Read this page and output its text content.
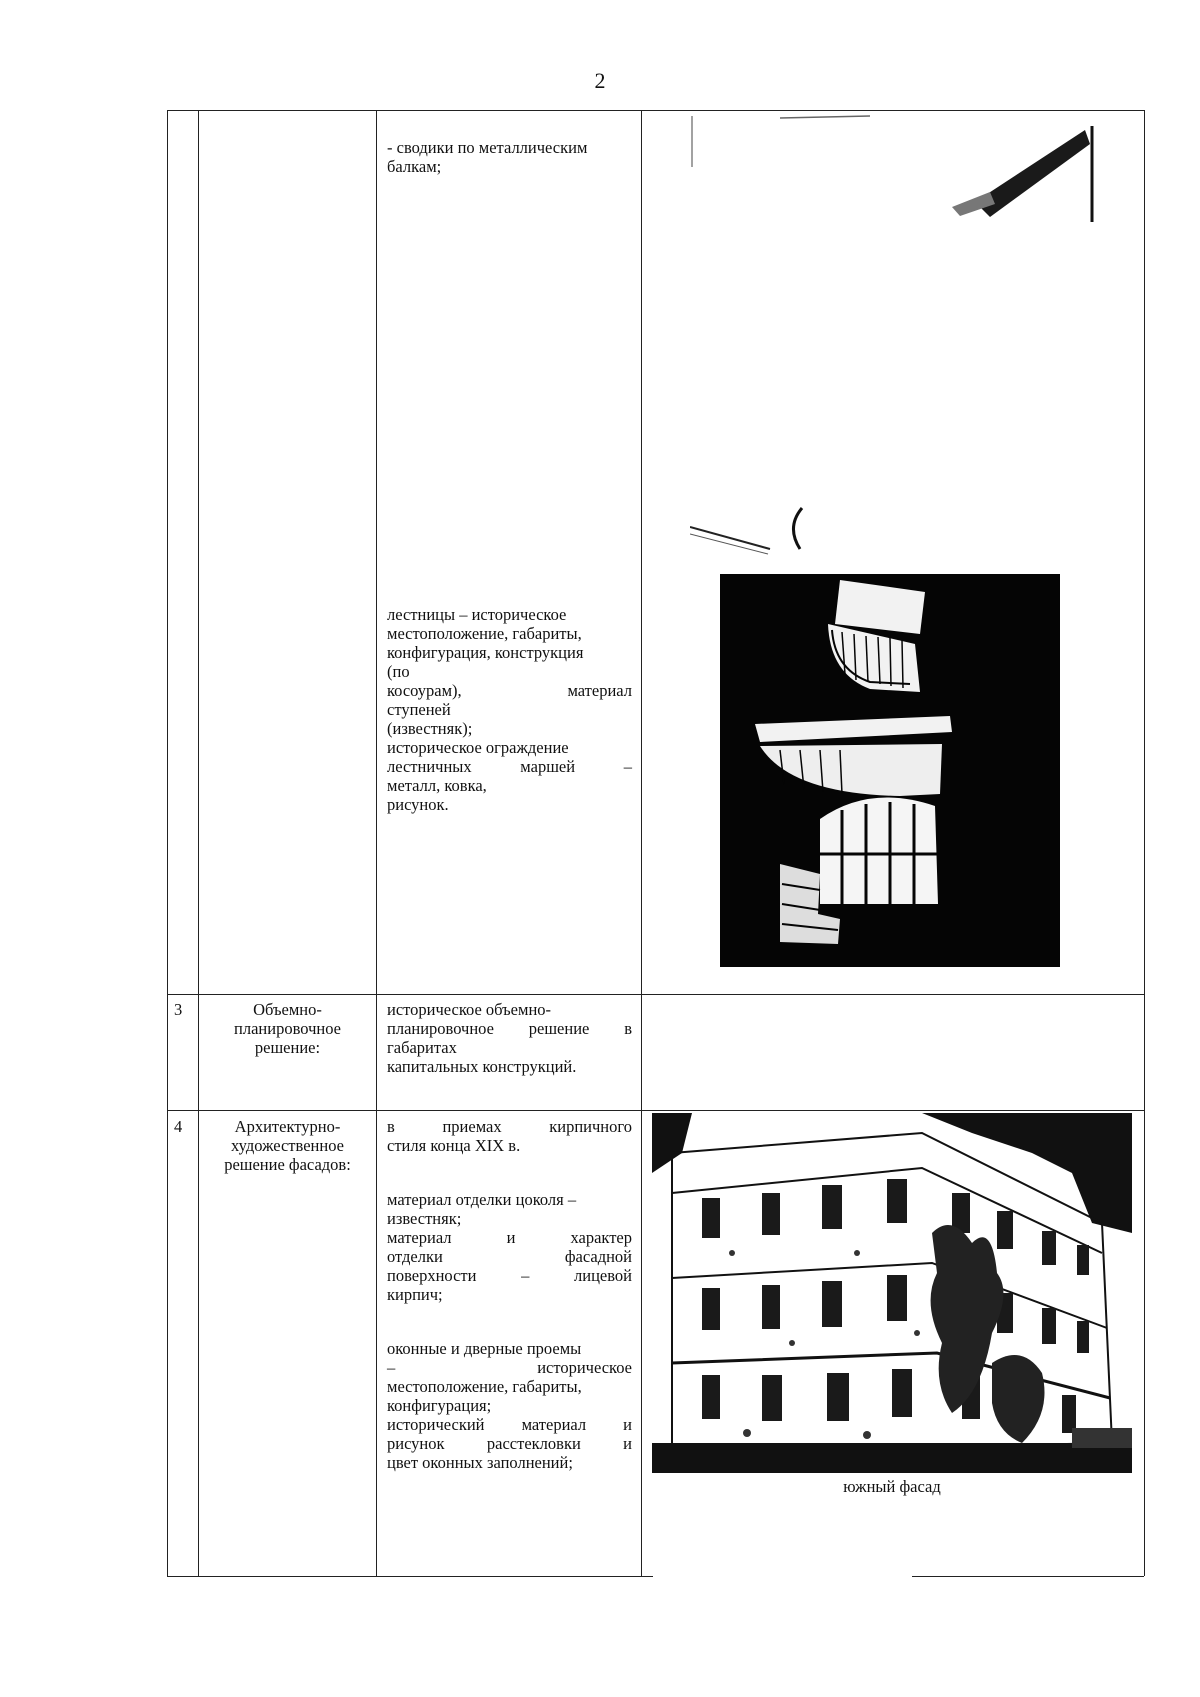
2
- сводики по металлическим балкам;
лестницы – историческое
местоположение, габариты,
конфигурация, конструкция
(по
косоурам), материал
ступеней
(известняк);
историческое ограждение
лестничных маршей –
металл, ковка,
рисунок.
3	Объемно-
планировочное
решение:
историческое объемно-
планировочное решение в
габаритах
капитальных конструкций.
4	Архитектурно-
художественное
решение фасадов:
в приемах кирпичного
стиля конца XIX в.
материал отделки цоколя –
известняк;
материал и характер
отделки фасадной
поверхности – лицевой
кирпич;
оконные и дверные проемы
– историческое
местоположение, габариты,
конфигурация;
исторический материал и
рисунок расстекловки и
цвет оконных заполнений;
южный фасад
